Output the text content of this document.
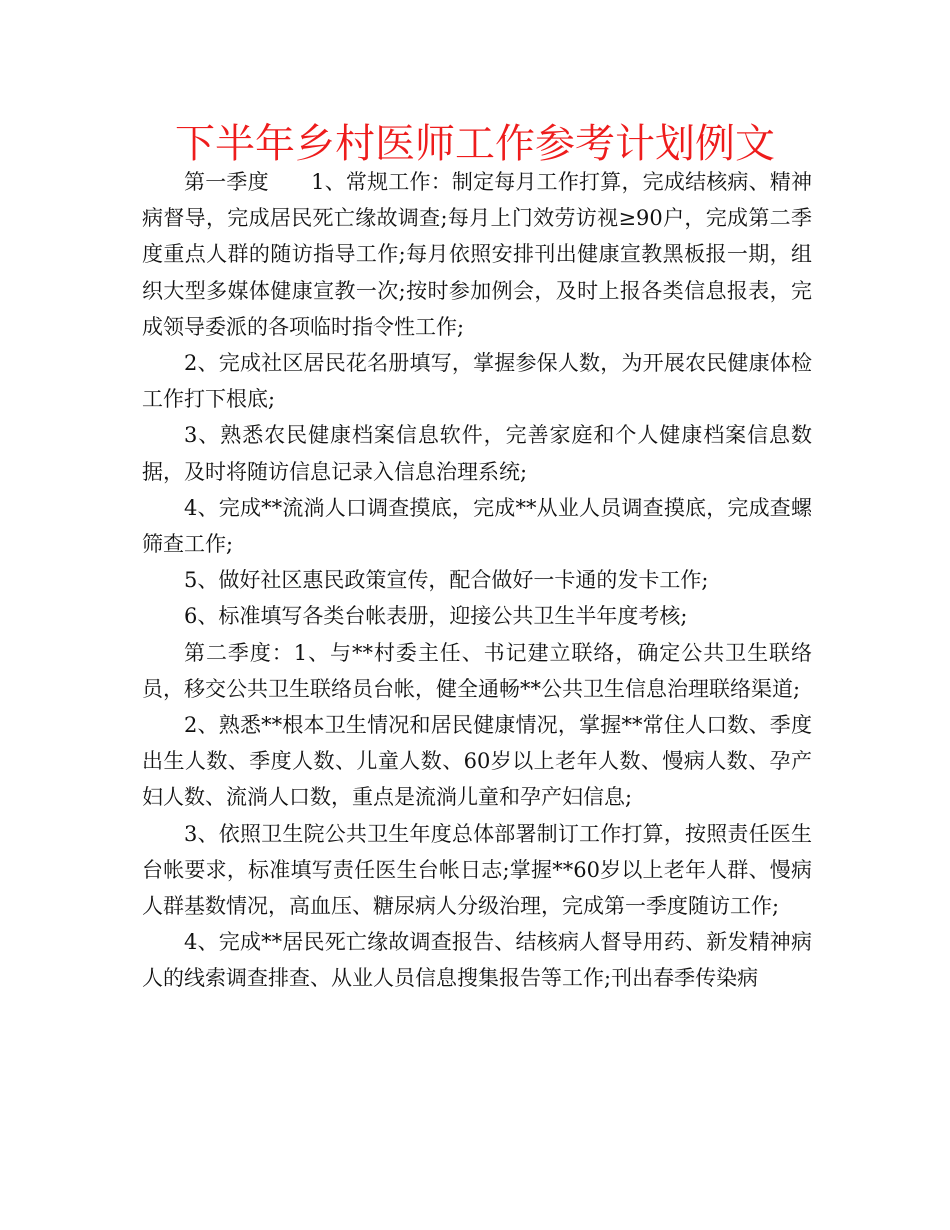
下半年乡村医师工作参考计划例文

第一季度　　1、常规工作：制定每月工作打算，完成结核病、精神病督导，完成居民死亡缘故调查;每月上门效劳访视≥90户，完成第二季度重点人群的随访指导工作;每月依照安排刊出健康宣教黑板报一期，组织大型多媒体健康宣教一次;按时参加例会，及时上报各类信息报表，完成领导委派的各项临时指令性工作;

2、完成社区居民花名册填写，掌握参保人数，为开展农民健康体检工作打下根底;

3、熟悉农民健康档案信息软件，完善家庭和个人健康档案信息数据，及时将随访信息记录入信息治理系统;

4、完成**流淌人口调查摸底，完成**从业人员调查摸底，完成查螺筛查工作;

5、做好社区惠民政策宣传，配合做好一卡通的发卡工作;

6、标准填写各类台帐表册，迎接公共卫生半年度考核;

第二季度：1、与**村委主任、书记建立联络，确定公共卫生联络员，移交公共卫生联络员台帐，健全通畅**公共卫生信息治理联络渠道;

2、熟悉**根本卫生情况和居民健康情况，掌握**常住人口数、季度出生人数、季度人数、儿童人数、60岁以上老年人数、慢病人数、孕产妇人数、流淌人口数，重点是流淌儿童和孕产妇信息;

3、依照卫生院公共卫生年度总体部署制订工作打算，按照责任医生台帐要求，标准填写责任医生台帐日志;掌握**60岁以上老年人群、慢病人群基数情况，高血压、糖尿病人分级治理，完成第一季度随访工作;

4、完成**居民死亡缘故调查报告、结核病人督导用药、新发精神病人的线索调查排查、从业人员信息搜集报告等工作;刊出春季传染病
